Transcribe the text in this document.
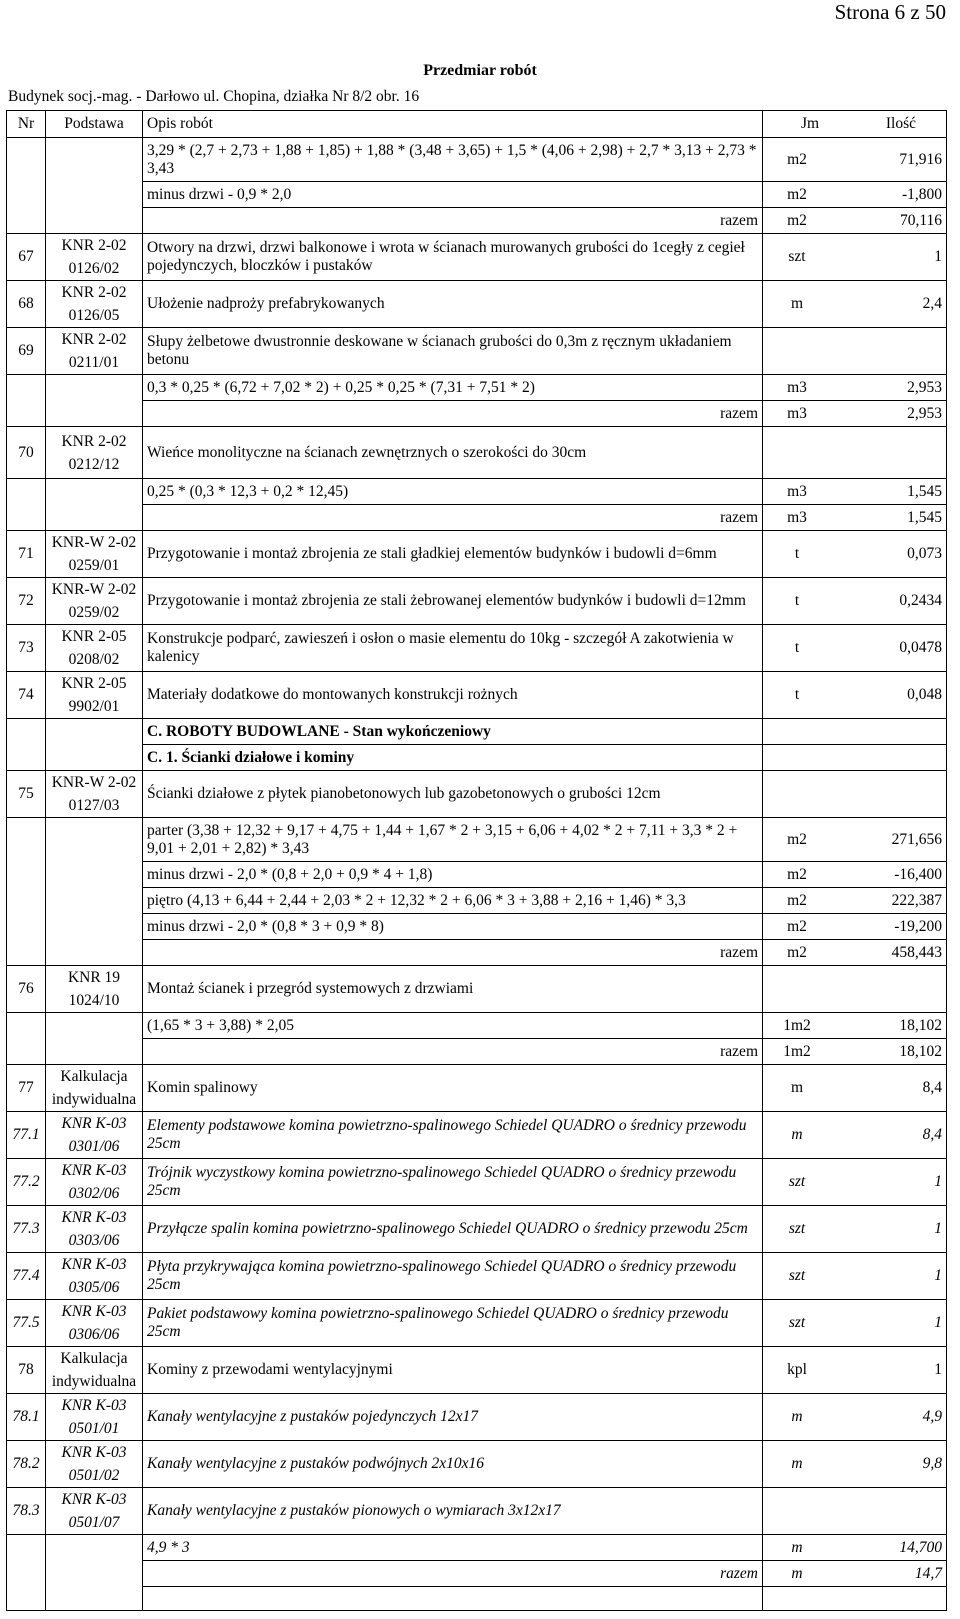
Strona 6 z 50
Przedmiar robót
Budynek socj.-mag. - Darłowo ul. Chopina, działka Nr 8/2 obr. 16
Nr	Podstawa	Opis robót	Jm Ilość

		3,29 * (2,7 + 2,73 + 1,88 + 1,85) + 1,88 * (3,48 + 3,65) + 1,5 * (4,06 + 2,98) + 2,7 * 3,13 + 2,73 * 3,43	m2 71,916

		minus drzwi - 0,9 * 2,0	m2 -1,800

		razem	m2 70,116

67	KNR 2-02 0126/02	Otwory na drzwi, drzwi balkonowe i wrota w ścianach murowanych grubości do 1cegły z cegieł pojedynczych, bloczków i pustaków	szt 1

68	KNR 2-02 0126/05	Ułożenie nadproży prefabrykowanych	m 2,4

69	KNR 2-02 0211/01	Słupy żelbetowe dwustronnie deskowane w ścianach grubości do 0,3m z ręcznym układaniem betonu	

		0,3 * 0,25 * (6,72 + 7,02 * 2) + 0,25 * 0,25 * (7,31 + 7,51 * 2)	m3 2,953

		razem	m3 2,953

70	KNR 2-02 0212/12	Wieńce monolityczne na ścianach zewnętrznych o szerokości do 30cm	

		0,25 * (0,3 * 12,3 + 0,2 * 12,45)	m3 1,545

		razem	m3 1,545

71	KNR-W 2-02 0259/01	Przygotowanie i montaż zbrojenia ze stali gładkiej elementów budynków i budowli d=6mm	t 0,073

72	KNR-W 2-02 0259/02	Przygotowanie i montaż zbrojenia ze stali żebrowanej elementów budynków i budowli d=12mm	t 0,2434

73	KNR 2-05 0208/02	Konstrukcje podparć, zawieszeń i osłon o masie elementu do 10kg - szczegół A zakotwienia w kalenicy	t 0,0478

74	KNR 2-05 9902/01	Materiały dodatkowe do montowanych konstrukcji rożnych	t 0,048

		C. ROBOTY BUDOWLANE - Stan wykończeniowy	
		C. 1. Ścianki działowe i kominy	
75	KNR-W 2-02 0127/03	Ścianki działowe z płytek pianobetonowych lub gazobetonowych o grubości 12cm	

		parter (3,38 + 12,32 + 9,17 + 4,75 + 1,44 + 1,67 * 2 + 3,15 + 6,06 + 4,02 * 2 + 7,11 + 3,3 * 2 + 9,01 + 2,01 + 2,82) * 3,43	m2 271,656

		minus drzwi - 2,0 * (0,8 + 2,0 + 0,9 * 4 + 1,8)	m2 -16,400

		piętro (4,13 + 6,44 + 2,44 + 2,03 * 2 + 12,32 * 2 + 6,06 * 3 + 3,88 + 2,16 + 1,46) * 3,3	m2 222,387

		minus drzwi - 2,0 * (0,8 * 3 + 0,9 * 8)	m2 -19,200

		razem	m2 458,443

76	KNR 19 1024/10	Montaż ścianek i przegród systemowych z drzwiami	

		(1,65 * 3 + 3,88) * 2,05	1m2 18,102

		razem	1m2 18,102

77	Kalkulacja indywidualna	Komin spalinowy	m 8,4

77.1	KNR K-03 0301/06	Elementy podstawowe komina powietrzno-spalinowego Schiedel QUADRO o średnicy przewodu 25cm	m 8,4

77.2	KNR K-03 0302/06	Trójnik wyczystkowy komina powietrzno-spalinowego Schiedel QUADRO o średnicy przewodu 25cm	szt 1

77.3	KNR K-03 0303/06	Przyłącze spalin komina powietrzno-spalinowego Schiedel QUADRO o średnicy przewodu 25cm	szt 1

77.4	KNR K-03 0305/06	Płyta przykrywająca komina powietrzno-spalinowego Schiedel QUADRO o średnicy przewodu 25cm	szt 1

77.5	KNR K-03 0306/06	Pakiet podstawowy komina powietrzno-spalinowego Schiedel QUADRO o średnicy przewodu 25cm	szt 1

78	Kalkulacja indywidualna	Kominy z przewodami wentylacyjnymi	kpl 1

78.1	KNR K-03 0501/01	Kanały wentylacyjne z pustaków pojedynczych 12x17	m 4,9

78.2	KNR K-03 0501/02	Kanały wentylacyjne z pustaków podwójnych 2x10x16	m 9,8

78.3	KNR K-03 0501/07	Kanały wentylacyjne z pustaków pionowych o wymiarach 3x12x17	

		4,9 * 3	m 14,700

		razem	m 14,7
